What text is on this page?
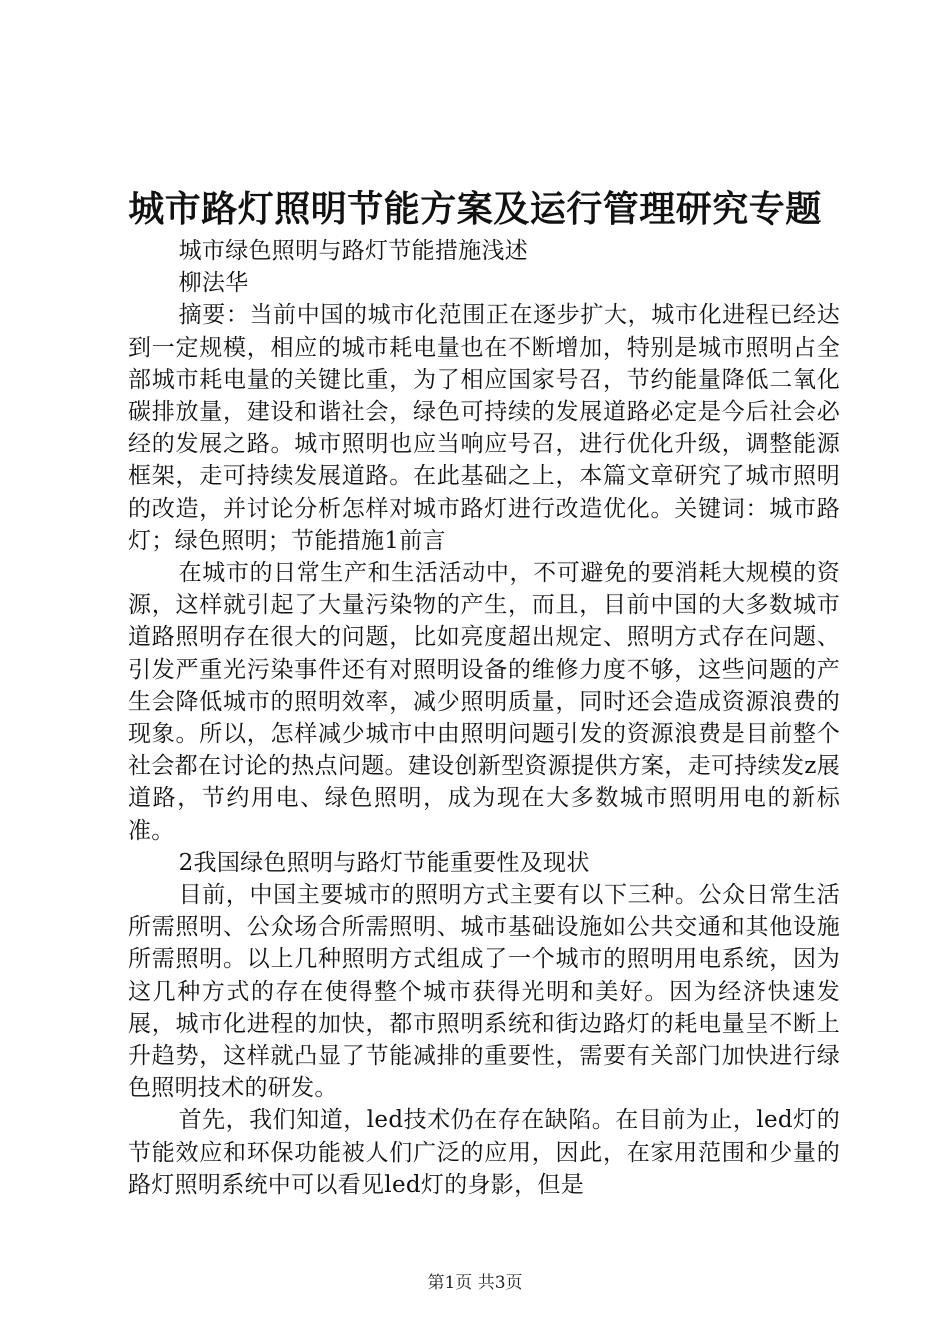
城市路灯照明节能方案及运行管理研究专题

城市绿色照明与路灯节能措施浅述

柳法华

摘要：当前中国的城市化范围正在逐步扩大，城市化进程已经达到一定规模，相应的城市耗电量也在不断增加，特别是城市照明占全部城市耗电量的关键比重，为了相应国家号召，节约能量降低二氧化碳排放量，建设和谐社会，绿色可持续的发展道路必定是今后社会必经的发展之路。城市照明也应当响应号召，进行优化升级，调整能源框架，走可持续发展道路。在此基础之上，本篇文章研究了城市照明的改造，并讨论分析怎样对城市路灯进行改造优化。关键词：城市路灯；绿色照明；节能措施1前言

在城市的日常生产和生活活动中，不可避免的要消耗大规模的资源，这样就引起了大量污染物的产生，而且，目前中国的大多数城市道路照明存在很大的问题，比如亮度超出规定、照明方式存在问题、引发严重光污染事件还有对照明设备的维修力度不够，这些问题的产生会降低城市的照明效率，减少照明质量，同时还会造成资源浪费的现象。所以，怎样减少城市中由照明问题引发的资源浪费是目前整个社会都在讨论的热点问题。建设创新型资源提供方案，走可持续发z展道路，节约用电、绿色照明，成为现在大多数城市照明用电的新标准。

2我国绿色照明与路灯节能重要性及现状

目前，中国主要城市的照明方式主要有以下三种。公众日常生活所需照明、公众场合所需照明、城市基础设施如公共交通和其他设施所需照明。以上几种照明方式组成了一个城市的照明用电系统，因为这几种方式的存在使得整个城市获得光明和美好。因为经济快速发展，城市化进程的加快，都市照明系统和街边路灯的耗电量呈不断上升趋势，这样就凸显了节能减排的重要性，需要有关部门加快进行绿色照明技术的研发。

首先，我们知道，led技术仍在存在缺陷。在目前为止，led灯的节能效应和环保功能被人们广泛的应用，因此，在家用范围和少量的路灯照明系统中可以看见led灯的身影，但是

第1页 共3页
